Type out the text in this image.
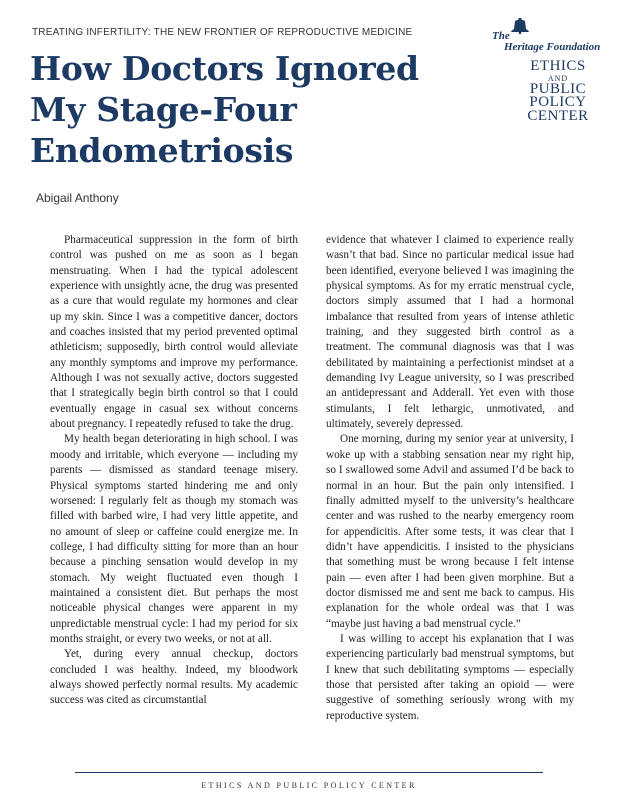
TREATING INFERTILITY: THE NEW FRONTIER OF REPRODUCTIVE MEDICINE
How Doctors Ignored My Stage-Four Endometriosis
Abigail Anthony
The
Heritage Foundation
ETHICS
AND
PUBLIC
POLICY
CENTER

Pharmaceutical suppression in the form of birth control was pushed on me as soon as I began menstruating. When I had the typical adolescent experience with unsightly acne, the drug was presented as a cure that would regulate my hormones and clear up my skin. Since I was a competitive dancer, doctors and coaches insisted that my period prevented optimal athleticism; supposedly, birth control would alleviate any monthly symptoms and improve my performance. Although I was not sexually active, doctors suggested that I strategically begin birth control so that I could eventually engage in casual sex without concerns about pregnancy. I repeatedly refused to take the drug.

My health began deteriorating in high school. I was moody and irritable, which everyone — including my parents — dismissed as standard teenage misery. Physical symptoms started hindering me and only worsened: I regularly felt as though my stomach was filled with barbed wire, I had very little appetite, and no amount of sleep or caffeine could energize me. In college, I had difficulty sitting for more than an hour because a pinching sensation would develop in my stomach. My weight fluctuated even though I maintained a consistent diet. But perhaps the most noticeable physical changes were apparent in my unpredictable menstrual cycle: I had my period for six months straight, or every two weeks, or not at all.

Yet, during every annual checkup, doctors concluded I was healthy. Indeed, my bloodwork always showed perfectly normal results. My academic success was cited as circumstantial

evidence that whatever I claimed to experience really wasn’t that bad. Since no particular medical issue had been identified, everyone believed I was imagining the physical symptoms. As for my erratic menstrual cycle, doctors simply assumed that I had a hormonal imbalance that resulted from years of intense athletic training, and they suggested birth control as a treatment. The communal diagnosis was that I was debilitated by maintaining a perfectionist mindset at a demanding Ivy League university, so I was prescribed an antidepressant and Adderall. Yet even with those stimulants, I felt lethargic, unmotivated, and ultimately, severely depressed.

One morning, during my senior year at university, I woke up with a stabbing sensation near my right hip, so I swallowed some Advil and assumed I’d be back to normal in an hour. But the pain only intensified. I finally admitted myself to the university’s healthcare center and was rushed to the nearby emergency room for appendicitis. After some tests, it was clear that I didn’t have appendicitis. I insisted to the physicians that something must be wrong because I felt intense pain — even after I had been given morphine. But a doctor dismissed me and sent me back to campus. His explanation for the whole ordeal was that I was “maybe just having a bad menstrual cycle.”

I was willing to accept his explanation that I was experiencing particularly bad menstrual symptoms, but I knew that such debilitating symptoms — especially those that persisted after taking an opioid — were suggestive of something seriously wrong with my reproductive system.

ETHICS AND PUBLIC POLICY CENTER
